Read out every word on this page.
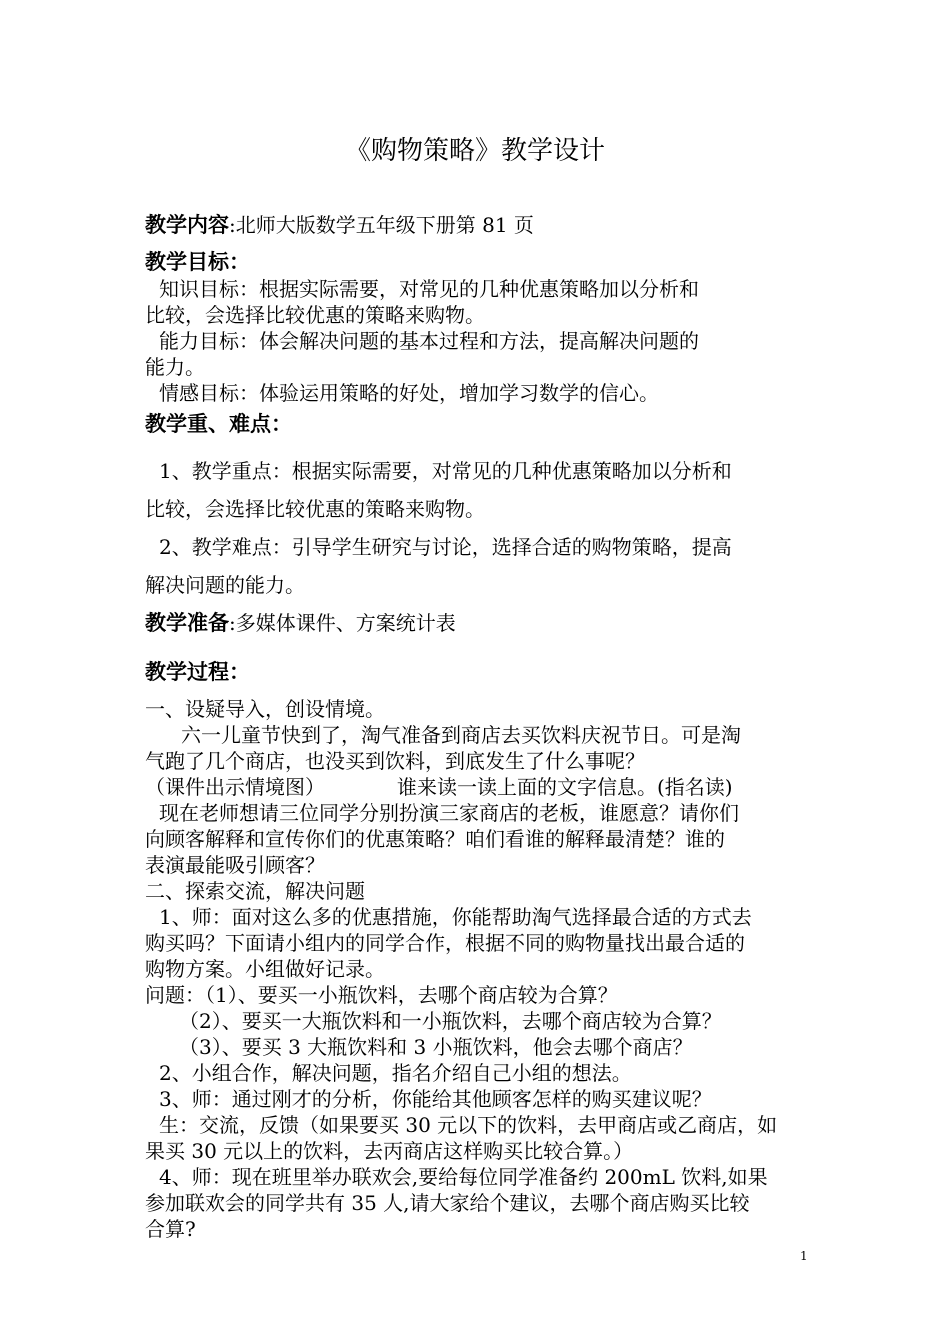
《购物策略》教学设计
教学内容:北师大版数学五年级下册第 81 页
教学目标：
知识目标：根据实际需要，对常见的几种优惠策略加以分析和
比较，会选择比较优惠的策略来购物。
能力目标：体会解决问题的基本过程和方法，提高解决问题的
能力。
情感目标：体验运用策略的好处，增加学习数学的信心。
教学重、难点：
1、教学重点：根据实际需要，对常见的几种优惠策略加以分析和
比较，会选择比较优惠的策略来购物。
2、教学难点：引导学生研究与讨论，选择合适的购物策略，提高
解决问题的能力。
教学准备:多媒体课件、方案统计表
教学过程：
一、设疑导入，创设情境。
六一儿童节快到了，淘气准备到商店去买饮料庆祝节日。可是淘
气跑了几个商店，也没买到饮料，到底发生了什么事呢？
（课件出示情境图）	谁来读一读上面的文字信息。(指名读)
现在老师想请三位同学分别扮演三家商店的老板，谁愿意？请你们
向顾客解释和宣传你们的优惠策略？咱们看谁的解释最清楚？谁的
表演最能吸引顾客？
二、探索交流，解决问题
1、师：面对这么多的优惠措施，你能帮助淘气选择最合适的方式去
购买吗？下面请小组内的同学合作，根据不同的购物量找出最合适的
购物方案。小组做好记录。
问题：（1）、要买一小瓶饮料，去哪个商店较为合算？
（2）、要买一大瓶饮料和一小瓶饮料，去哪个商店较为合算？
（3）、要买 3 大瓶饮料和 3 小瓶饮料，他会去哪个商店？
2、小组合作，解决问题，指名介绍自己小组的想法。
3、师：通过刚才的分析，你能给其他顾客怎样的购买建议呢？
生：交流，反馈（如果要买 30 元以下的饮料，去甲商店或乙商店，如
果买 30 元以上的饮料，去丙商店这样购买比较合算。）
4、师：现在班里举办联欢会,要给每位同学准备约 200mL 饮料,如果
参加联欢会的同学共有 35 人,请大家给个建议，去哪个商店购买比较
合算?
1
